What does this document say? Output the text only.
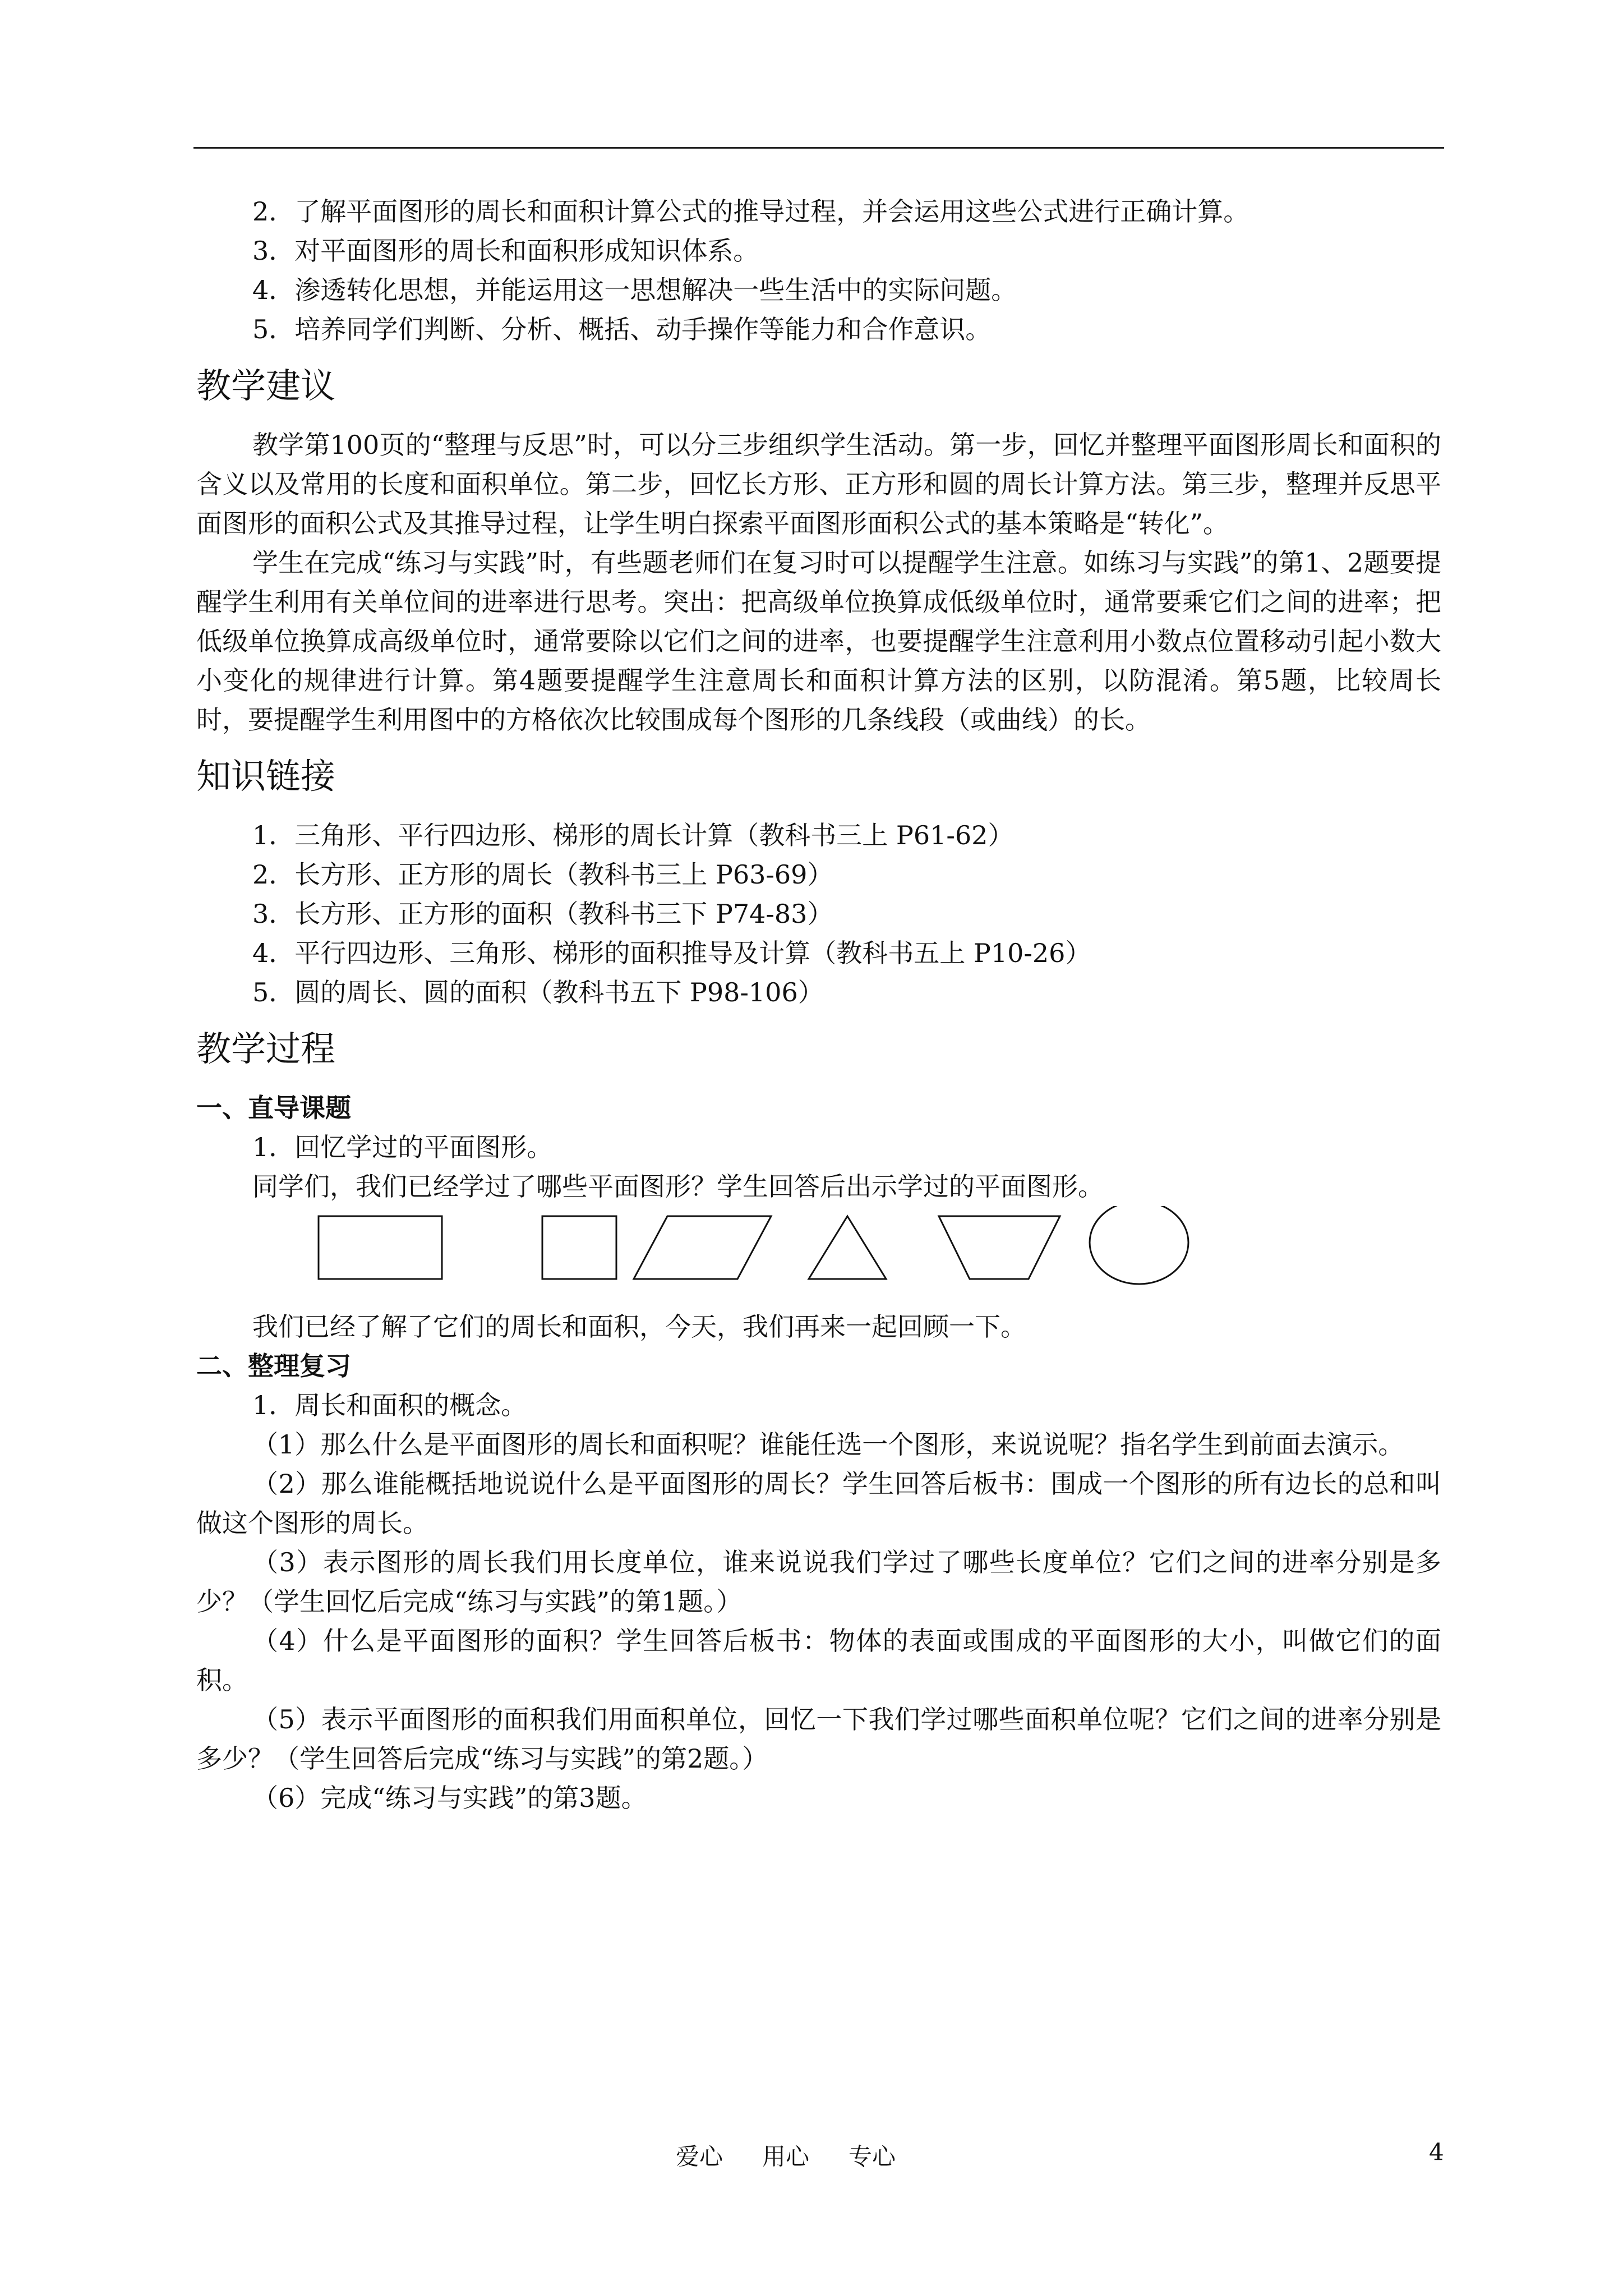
2．了解平面图形的周长和面积计算公式的推导过程，并会运用这些公式进行正确计算。
3．对平面图形的周长和面积形成知识体系。
4．渗透转化思想，并能运用这一思想解决一些生活中的实际问题。
5．培养同学们判断、分析、概括、动手操作等能力和合作意识。
教学建议

教学第100页的“整理与反思”时，可以分三步组织学生活动。第一步，回忆并整理平面图形周长和面积的含义以及常用的长度和面积单位。第二步，回忆长方形、正方形和圆的周长计算方法。第三步，整理并反思平面图形的面积公式及其推导过程，让学生明白探索平面图形面积公式的基本策略是“转化”。

学生在完成“练习与实践”时，有些题老师们在复习时可以提醒学生注意。如练习与实践”的第1、2题要提醒学生利用有关单位间的进率进行思考。突出：把高级单位换算成低级单位时，通常要乘它们之间的进率；把低级单位换算成高级单位时，通常要除以它们之间的进率，也要提醒学生注意利用小数点位置移动引起小数大小变化的规律进行计算。第4题要提醒学生注意周长和面积计算方法的区别，以防混淆。第5题，比较周长时，要提醒学生利用图中的方格依次比较围成每个图形的几条线段（或曲线）的长。

知识链接
1．三角形、平行四边形、梯形的周长计算（教科书三上 P61-62）
2．长方形、正方形的周长（教科书三上 P63-69）
3．长方形、正方形的面积（教科书三下 P74-83）
4．平行四边形、三角形、梯形的面积推导及计算（教科书五上 P10-26）
5．圆的周长、圆的面积（教科书五下 P98-106）
教学过程
一、直导课题
1．回忆学过的平面图形。
同学们，我们已经学过了哪些平面图形？学生回答后出示学过的平面图形。
我们已经了解了它们的周长和面积，今天，我们再来一起回顾一下。
二、整理复习
1．周长和面积的概念。

（1）那么什么是平面图形的周长和面积呢？谁能任选一个图形，来说说呢？指名学生到前面去演示。

（2）那么谁能概括地说说什么是平面图形的周长？学生回答后板书：围成一个图形的所有边长的总和叫做这个图形的周长。

（3）表示图形的周长我们用长度单位，谁来说说我们学过了哪些长度单位？它们之间的进率分别是多少？（学生回忆后完成“练习与实践”的第1题。）

（4）什么是平面图形的面积？学生回答后板书：物体的表面或围成的平面图形的大小，叫做它们的面积。

（5）表示平面图形的面积我们用面积单位，回忆一下我们学过哪些面积单位呢？它们之间的进率分别是多少？（学生回答后完成“练习与实践”的第2题。）

（6）完成“练习与实践”的第3题。

爱心 用心 专心	4
